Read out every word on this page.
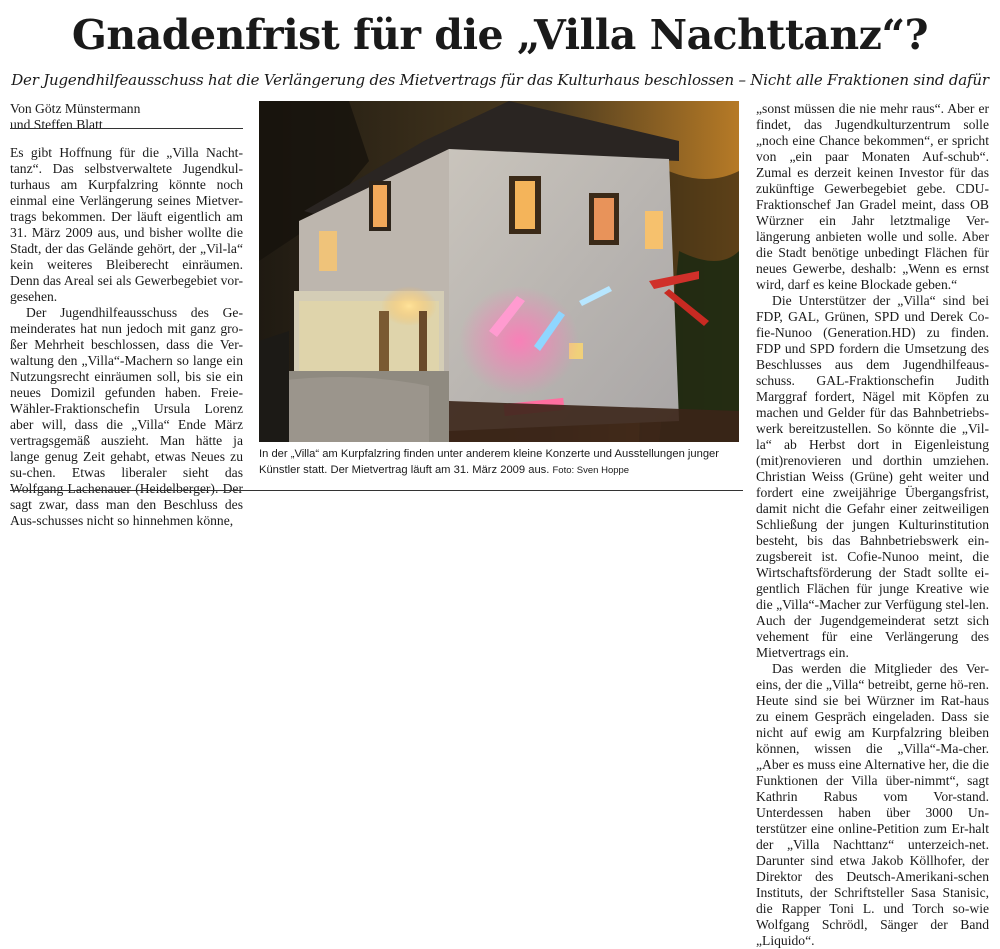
Gnadenfrist für die „Villa Nachttanz“?

Der Jugendhilfeausschuss hat die Verlängerung des Mietvertrags für das Kulturhaus beschlossen – Nicht alle Fraktionen sind dafür

Von Götz Münstermann

und Steffen Blatt

Es gibt Hoffnung für die „Villa Nacht-tanz“. Das selbstverwaltete Jugendkul-turhaus am Kurpfalzring könnte noch einmal eine Verlängerung seines Mietver-trags bekommen. Der läuft eigentlich am 31. März 2009 aus, und bisher wollte die Stadt, der das Gelände gehört, der „Vil-la“ kein weiteres Bleiberecht einräumen. Denn das Areal sei als Gewerbegebiet vor-gesehen.

Der Jugendhilfeausschuss des Ge-meinderates hat nun jedoch mit ganz gro-ßer Mehrheit beschlossen, dass die Ver-waltung den „Villa“-Machern so lange ein Nutzungsrecht einräumen soll, bis sie ein neues Domizil gefunden haben. Freie-Wähler-Fraktionschefin Ursula Lorenz aber will, dass die „Villa“ Ende März vertragsgemäß auszieht. Man hätte ja lange genug Zeit gehabt, etwas Neues zu su-chen. Etwas liberaler sieht das Wolfgang Lachenauer (Heidelberger). Der sagt zwar, dass man den Beschluss des Aus-schusses nicht so hinnehmen könne,

In der „Villa“ am Kurpfalzring finden unter anderem kleine Konzerte und Ausstellungen junger Künstler statt. Der Mietvertrag läuft am 31. März 2009 aus. Foto: Sven Hoppe

„sonst müssen die nie mehr raus“. Aber er findet, das Jugendkulturzentrum solle „noch eine Chance bekommen“, er spricht von „ein paar Monaten Auf-schub“. Zumal es derzeit keinen Investor für das zukünftige Gewerbegebiet gebe. CDU-Fraktionschef Jan Gradel meint, dass OB Würzner ein Jahr letztmalige Ver-längerung anbieten wolle und solle. Aber die Stadt benötige unbedingt Flächen für neues Gewerbe, deshalb: „Wenn es ernst wird, darf es keine Blockade geben.“

Die Unterstützer der „Villa“ sind bei FDP, GAL, Grünen, SPD und Derek Co-fie-Nunoo (Generation.HD) zu finden. FDP und SPD fordern die Umsetzung des Beschlusses aus dem Jugendhilfeaus-schuss. GAL-Fraktionschefin Judith Marggraf fordert, Nägel mit Köpfen zu machen und Gelder für das Bahnbetriebs-werk bereitzustellen. So könnte die „Vil-la“ ab Herbst dort in Eigenleistung (mit)renovieren und dorthin umziehen. Christian Weiss (Grüne) geht weiter und fordert eine zweijährige Übergangsfrist, damit nicht die Gefahr einer zeitweiligen Schließung der jungen Kulturinstitution besteht, bis das Bahnbetriebswerk ein-zugsbereit ist. Cofie-Nunoo meint, die Wirtschaftsförderung der Stadt sollte ei-gentlich Flächen für junge Kreative wie die „Villa“-Macher zur Verfügung stel-len. Auch der Jugendgemeinderat setzt sich vehement für eine Verlängerung des Mietvertrags ein.

Das werden die Mitglieder des Ver-eins, der die „Villa“ betreibt, gerne hö-ren. Heute sind sie bei Würzner im Rat-haus zu einem Gespräch eingeladen. Dass sie nicht auf ewig am Kurpfalzring bleiben können, wissen die „Villa“-Ma-cher. „Aber es muss eine Alternative her, die die Funktionen der Villa über-nimmt“, sagt Kathrin Rabus vom Vor-stand. Unterdessen haben über 3000 Un-terstützer eine online-Petition zum Er-halt der „Villa Nachttanz“ unterzeich-net. Darunter sind etwa Jakob Köllhofer, der Direktor des Deutsch-Amerikani-schen Instituts, der Schriftsteller Sasa Stanisic, die Rapper Toni L. und Torch so-wie Wolfgang Schrödl, Sänger der Band „Liquido“.
